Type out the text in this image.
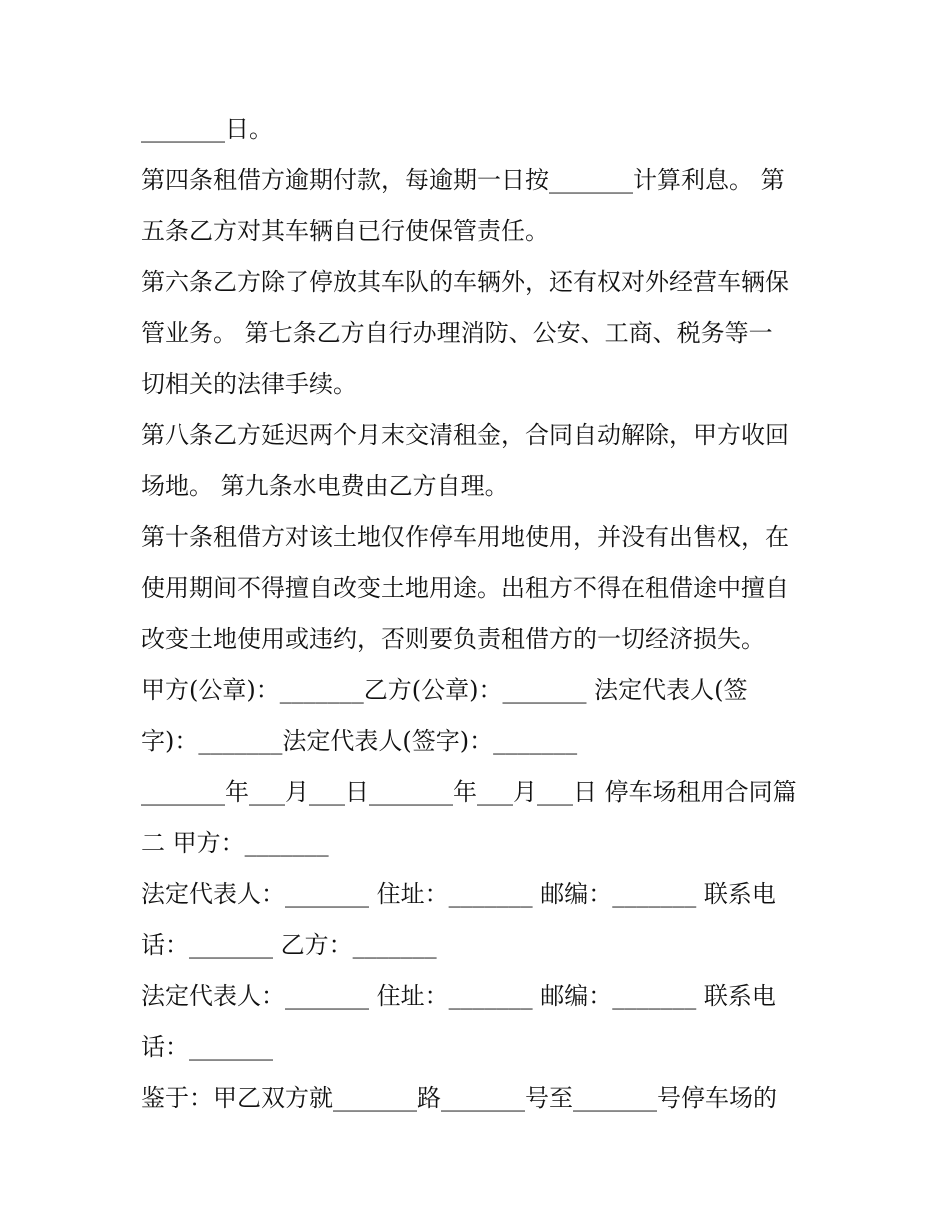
_______日。
第四条租借方逾期付款，每逾期一日按_______计算利息。 第
五条乙方对其车辆自已行使保管责任。
第六条乙方除了停放其车队的车辆外，还有权对外经营车辆保
管业务。 第七条乙方自行办理消防、公安、工商、税务等一
切相关的法律手续。
第八条乙方延迟两个月末交清租金，合同自动解除，甲方收回
场地。 第九条水电费由乙方自理。
第十条租借方对该土地仅作停车用地使用，并没有出售权，在
使用期间不得擅自改变土地用途。出租方不得在租借途中擅自
改变土地使用或违约，否则要负责租借方的一切经济损失。
甲方(公章)：_______乙方(公章)：_______ 法定代表人(签
字)：_______法定代表人(签字)：_______
_______年___月___日_______年___月___日 停车场租用合同篇
二 甲方：_______
法定代表人：_______ 住址：_______ 邮编：_______ 联系电
话：_______ 乙方：_______
法定代表人：_______ 住址：_______ 邮编：_______ 联系电
话：_______
鉴于：甲乙双方就_______路_______号至_______号停车场的
